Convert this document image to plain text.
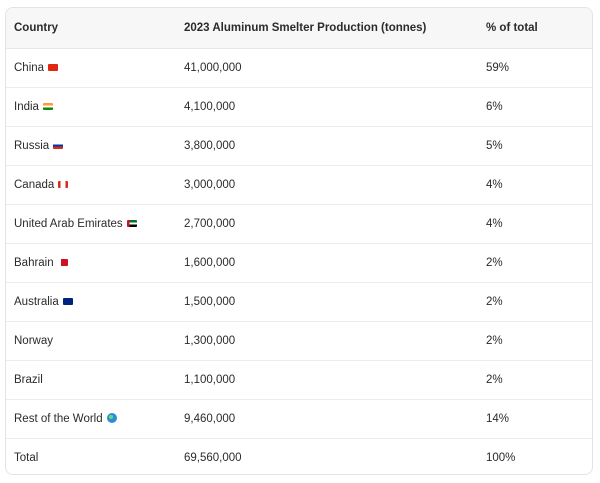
Country	2023 Aluminum Smelter Production (tonnes)	% of total
China	41,000,000	59%
India	4,100,000	6%
Russia	3,800,000	5%
Canada	3,000,000	4%
United Arab Emirates	2,700,000	4%
Bahrain	1,600,000	2%
Australia	1,500,000	2%
Norway	1,300,000	2%
Brazil	1,100,000	2%
Rest of the World	9,460,000	14%
Total	69,560,000	100%
